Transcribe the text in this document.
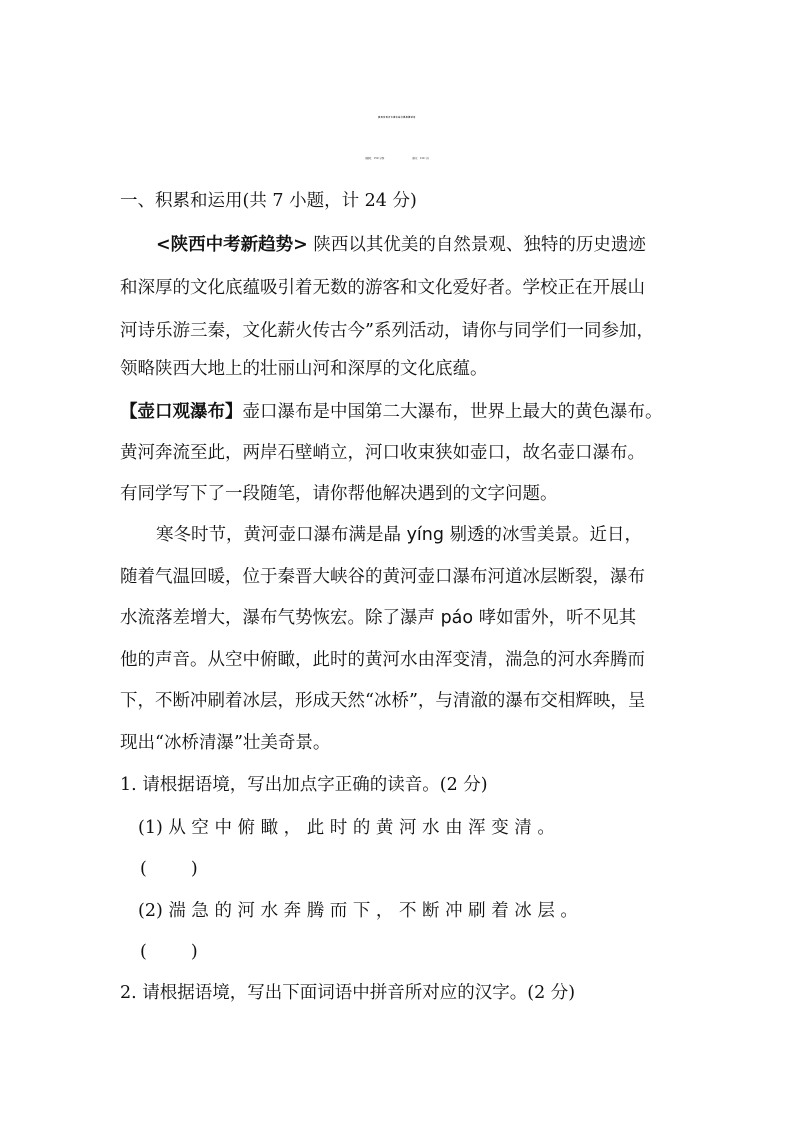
陕西省西安市期末综合模拟测试卷
(限时：150 分钟	满分：120 分)
一、积累和运用(共 7 小题，计 24 分)
<陕西中考新趋势> 陕西以其优美的自然景观、独特的历史遗迹
和深厚的文化底蕴吸引着无数的游客和文化爱好者。学校正在开展山
河诗乐游三秦，文化薪火传古今”系列活动，请你与同学们一同参加，
领略陕西大地上的壮丽山河和深厚的文化底蕴。
【壶口观瀑布】壶口瀑布是中国第二大瀑布，世界上最大的黄色瀑布。
黄河奔流至此，两岸石壁峭立，河口收束狭如壶口，故名壶口瀑布。
有同学写下了一段随笔，请你帮他解决遇到的文字问题。
寒冬时节，黄河壶口瀑布满是晶 yíng 剔透的冰雪美景。近日，
随着气温回暖，位于秦晋大峡谷的黄河壶口瀑布河道冰层断裂，瀑布
水流落差增大，瀑布气势恢宏。除了瀑声 páo 哮如雷外，听不见其
他的声音。从空中俯瞰，此时的黄河水由浑变清，湍急的河水奔腾而
下，不断冲刷着冰层，形成天然“冰桥”，与清澈的瀑布交相辉映，呈
现出“冰桥清瀑”壮美奇景。
1. 请根据语境，写出加点字正确的读音。(2 分)
(1) 从 空 中 俯 瞰 ， 此 时 的 黄 河 水 由 浑 变 清 。
(	)
(2) 湍 急 的 河 水 奔 腾 而 下 ， 不 断 冲 刷 着 冰 层 。
(	)
2. 请根据语境，写出下面词语中拼音所对应的汉字。(2 分)
